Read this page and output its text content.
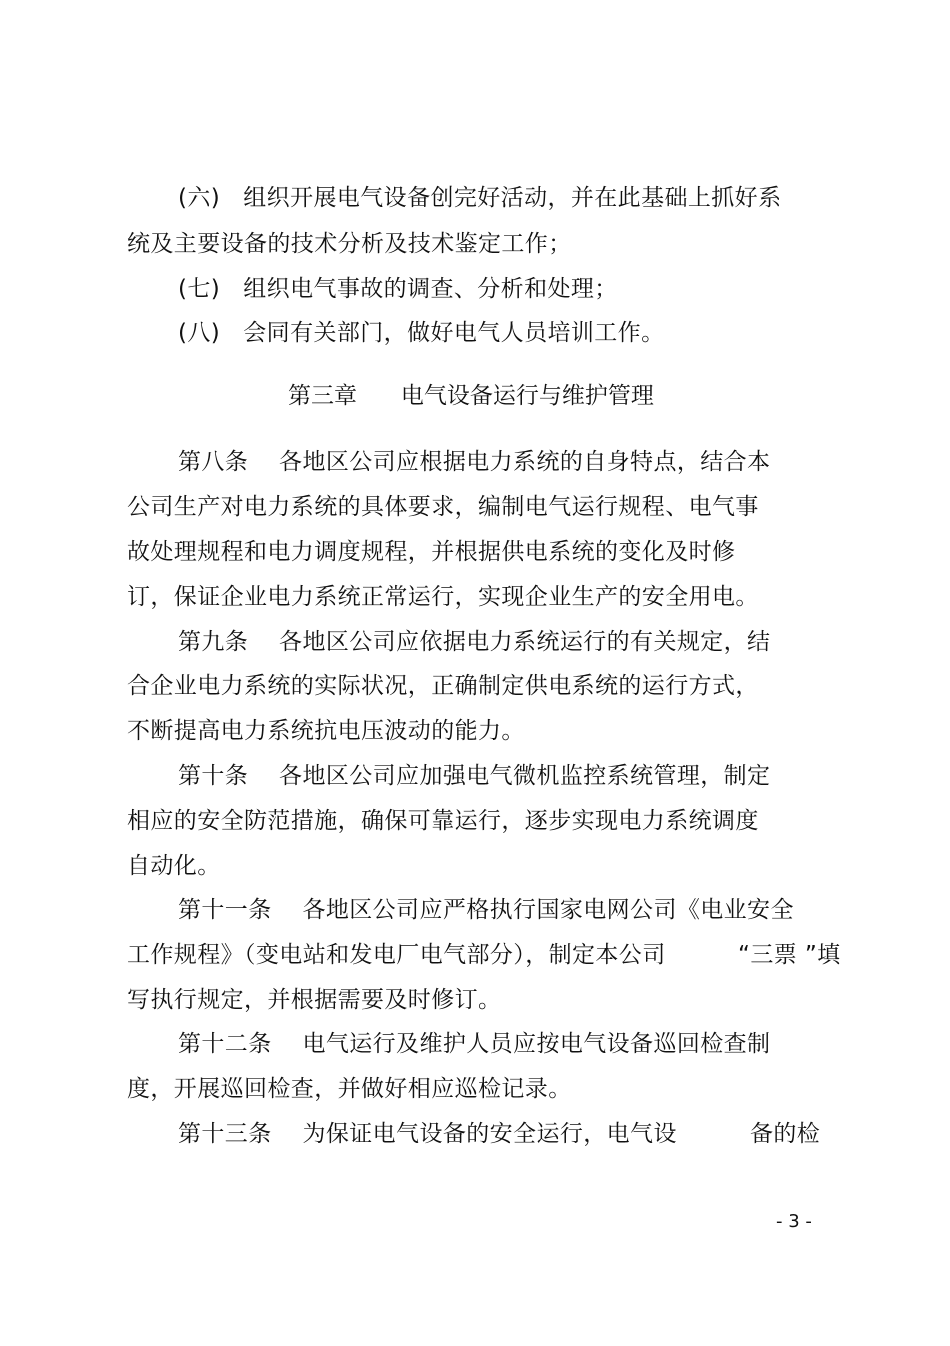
(六)   组织开展电气设备创完好活动，并在此基础上抓好系
统及主要设备的技术分析及技术鉴定工作；
(七)   组织电气事故的调查、分析和处理；
(八)   会同有关部门，做好电气人员培训工作。
第三章      电气设备运行与维护管理
第八条    各地区公司应根据电力系统的自身特点，结合本
公司生产对电力系统的具体要求，编制电气运行规程、电气事
故处理规程和电力调度规程，并根据供电系统的变化及时修
订，保证企业电力系统正常运行，实现企业生产的安全用电。
第九条    各地区公司应依据电力系统运行的有关规定，结
合企业电力系统的实际状况，正确制定供电系统的运行方式，
不断提高电力系统抗电压波动的能力。
第十条    各地区公司应加强电气微机监控系统管理，制定
相应的安全防范措施，确保可靠运行，逐步实现电力系统调度
自动化。
第十一条    各地区公司应严格执行国家电网公司《电业安全
工作规程》（变电站和发电厂电气部分），制定本公司	“三票 ”填
写执行规定，并根据需要及时修订。
第十二条    电气运行及维护人员应按电气设备巡回检查制
度，开展巡回检查，并做好相应巡检记录。
第十三条    为保证电气设备的安全运行，电气设	备的检
- 3 -
